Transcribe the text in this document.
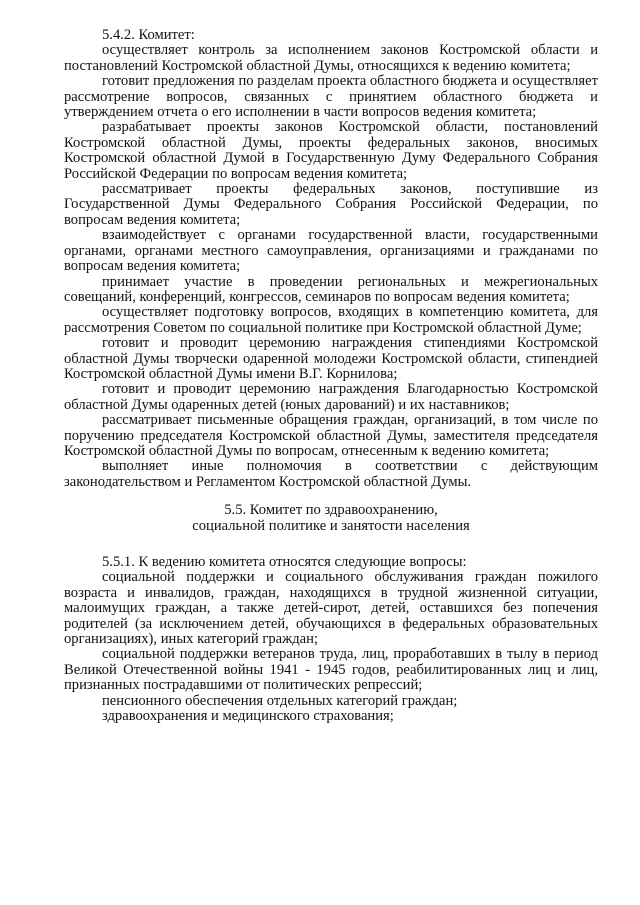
5.4.2. Комитет:

осуществляет контроль за исполнением законов Костромской области и постановлений Костромской областной Думы, относящихся к ведению комитета;

готовит предложения по разделам проекта областного бюджета и осуществляет рассмотрение вопросов, связанных с принятием областного бюджета и утверждением отчета о его исполнении в части вопросов ведения комитета;

разрабатывает проекты законов Костромской области, постановлений Костромской областной Думы, проекты федеральных законов, вносимых Костромской областной Думой в Государственную Думу Федерального Собрания Российской Федерации по вопросам ведения комитета;

рассматривает проекты федеральных законов, поступившие из Государственной Думы Федерального Собрания Российской Федерации, по вопросам ведения комитета;

взаимодействует с органами государственной власти, государственными органами, органами местного самоуправления, организациями и гражданами по вопросам ведения комитета;

принимает участие в проведении региональных и межрегиональных совещаний, конференций, конгрессов, семинаров по вопросам ведения комитета;

осуществляет подготовку вопросов, входящих в компетенцию комитета, для рассмотрения Советом по социальной политике при Костромской областной Думе;

готовит и проводит церемонию награждения стипендиями Костромской областной Думы творчески одаренной молодежи Костромской области, стипендией Костромской областной Думы имени В.Г. Корнилова;

готовит и проводит церемонию награждения Благодарностью Костромской областной Думы одаренных детей (юных дарований) и их наставников;

рассматривает письменные обращения граждан, организаций, в том числе по поручению председателя Костромской областной Думы, заместителя председателя Костромской областной Думы по вопросам, отнесенным к ведению комитета;

выполняет иные полномочия в соответствии с действующим законодательством и Регламентом Костромской областной Думы.

5.5. Комитет по здравоохранению,

социальной политике и занятости населения

5.5.1. К ведению комитета относятся следующие вопросы:

социальной поддержки и социального обслуживания граждан пожилого возраста и инвалидов, граждан, находящихся в трудной жизненной ситуации, малоимущих граждан, а также детей-сирот, детей, оставшихся без попечения родителей (за исключением детей, обучающихся в федеральных образовательных организациях), иных категорий граждан;

социальной поддержки ветеранов труда, лиц, проработавших в тылу в период Великой Отечественной войны 1941 - 1945 годов, реабилитированных лиц и лиц, признанных пострадавшими от политических репрессий;

пенсионного обеспечения отдельных категорий граждан;

здравоохранения и медицинского страхования;
